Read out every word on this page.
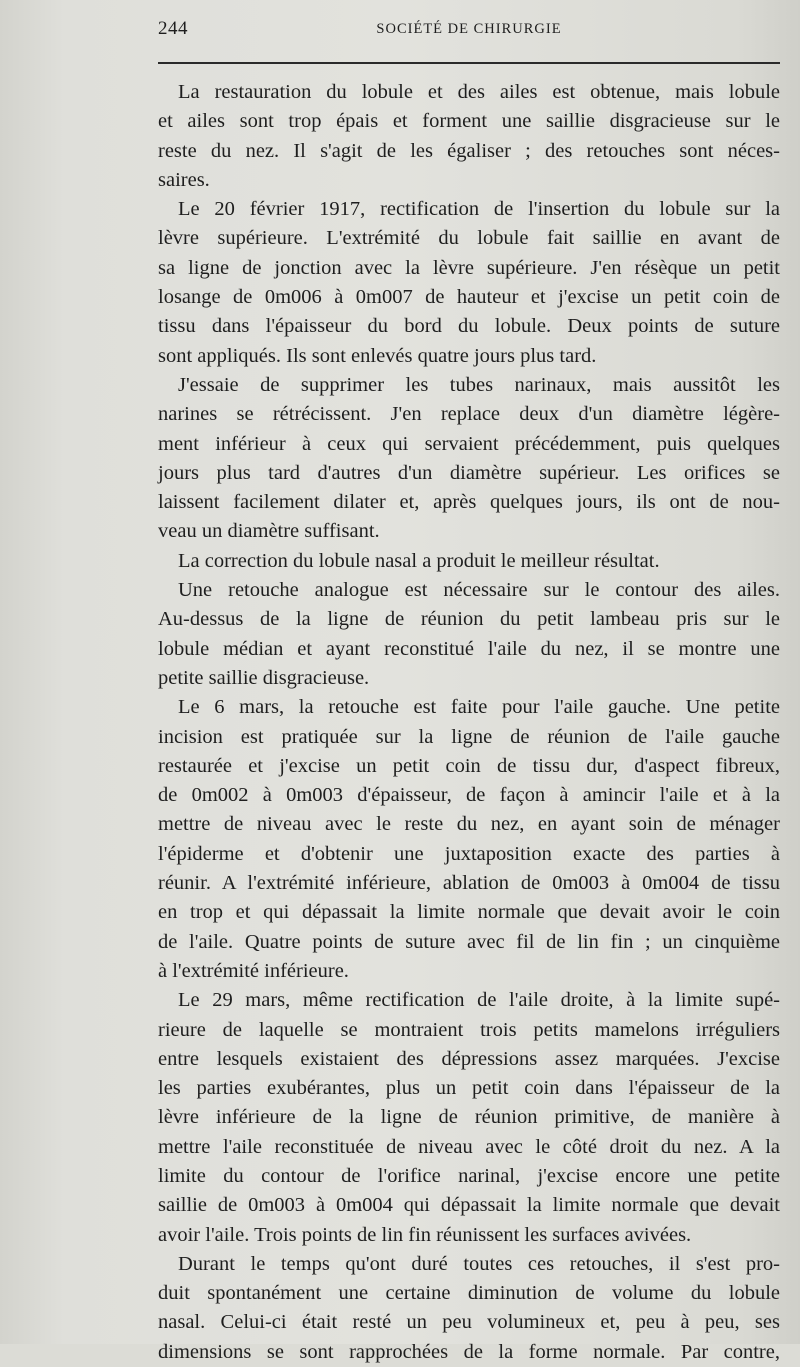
244	SOCIÉTÉ DE CHIRURGIE
La restauration du lobule et des ailes est obtenue, mais lobule
et ailes sont trop épais et forment une saillie disgracieuse sur le
reste du nez. Il s'agit de les égaliser ; des retouches sont néces-
saires.
Le 20 février 1917, rectification de l'insertion du lobule sur la
lèvre supérieure. L'extrémité du lobule fait saillie en avant de
sa ligne de jonction avec la lèvre supérieure. J'en résèque un petit
losange de 0m006 à 0m007 de hauteur et j'excise un petit coin de
tissu dans l'épaisseur du bord du lobule. Deux points de suture
sont appliqués. Ils sont enlevés quatre jours plus tard.
J'essaie de supprimer les tubes narinaux, mais aussitôt les
narines se rétrécissent. J'en replace deux d'un diamètre légère-
ment inférieur à ceux qui servaient précédemment, puis quelques
jours plus tard d'autres d'un diamètre supérieur. Les orifices se
laissent facilement dilater et, après quelques jours, ils ont de nou-
veau un diamètre suffisant.
La correction du lobule nasal a produit le meilleur résultat.
Une retouche analogue est nécessaire sur le contour des ailes.
Au-dessus de la ligne de réunion du petit lambeau pris sur le
lobule médian et ayant reconstitué l'aile du nez, il se montre une
petite saillie disgracieuse.
Le 6 mars, la retouche est faite pour l'aile gauche. Une petite
incision est pratiquée sur la ligne de réunion de l'aile gauche
restaurée et j'excise un petit coin de tissu dur, d'aspect fibreux,
de 0m002 à 0m003 d'épaisseur, de façon à amincir l'aile et à la
mettre de niveau avec le reste du nez, en ayant soin de ménager
l'épiderme et d'obtenir une juxtaposition exacte des parties à
réunir. A l'extrémité inférieure, ablation de 0m003 à 0m004 de tissu
en trop et qui dépassait la limite normale que devait avoir le coin
de l'aile. Quatre points de suture avec fil de lin fin ; un cinquième
à l'extrémité inférieure.
Le 29 mars, même rectification de l'aile droite, à la limite supé-
rieure de laquelle se montraient trois petits mamelons irréguliers
entre lesquels existaient des dépressions assez marquées. J'excise
les parties exubérantes, plus un petit coin dans l'épaisseur de la
lèvre inférieure de la ligne de réunion primitive, de manière à
mettre l'aile reconstituée de niveau avec le côté droit du nez. A la
limite du contour de l'orifice narinal, j'excise encore une petite
saillie de 0m003 à 0m004 qui dépassait la limite normale que devait
avoir l'aile. Trois points de lin fin réunissent les surfaces avivées.
Durant le temps qu'ont duré toutes ces retouches, il s'est pro-
duit spontanément une certaine diminution de volume du lobule
nasal. Celui-ci était resté un peu volumineux et, peu à peu, ses
dimensions se sont rapprochées de la forme normale. Par contre,
